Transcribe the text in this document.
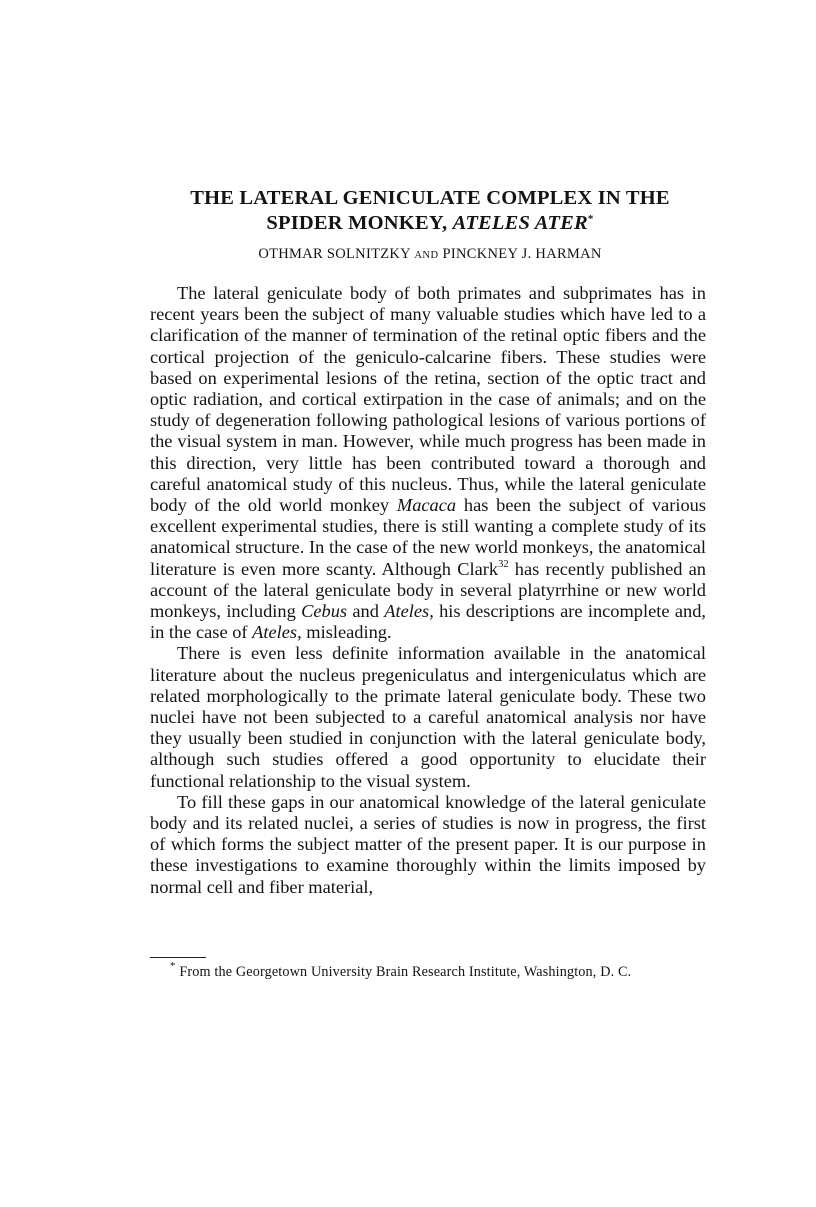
THE LATERAL GENICULATE COMPLEX IN THE
SPIDER MONKEY, ATELES ATER*
OTHMAR SOLNITZKY AND PINCKNEY J. HARMAN

The lateral geniculate body of both primates and subprimates has in recent years been the subject of many valuable studies which have led to a clarification of the manner of termination of the retinal optic fibers and the cortical projection of the geniculo-calcarine fibers. These studies were based on experimental lesions of the retina, section of the optic tract and optic radiation, and cortical extirpation in the case of animals; and on the study of degeneration following pathological lesions of various portions of the visual system in man. However, while much progress has been made in this direction, very little has been contributed toward a thorough and careful anatomical study of this nucleus. Thus, while the lateral geniculate body of the old world monkey Macaca has been the subject of various excellent experimental studies, there is still wanting a complete study of its anatomical structure. In the case of the new world monkeys, the anatomical literature is even more scanty. Although Clark$^{32}$ has recently published an account of the lateral geniculate body in several platyrrhine or new world monkeys, including Cebus and Ateles, his descriptions are incomplete and, in the case of Ateles, misleading.

There is even less definite information available in the anatomical literature about the nucleus pregeniculatus and intergeniculatus which are related morphologically to the primate lateral geniculate body. These two nuclei have not been subjected to a careful anatomical analysis nor have they usually been studied in conjunction with the lateral geniculate body, although such studies offered a good opportunity to elucidate their functional relationship to the visual system.

To fill these gaps in our anatomical knowledge of the lateral geniculate body and its related nuclei, a series of studies is now in progress, the first of which forms the subject matter of the present paper. It is our purpose in these investigations to examine thoroughly within the limits imposed by normal cell and fiber material,

* From the Georgetown University Brain Research Institute, Washington, D. C.
